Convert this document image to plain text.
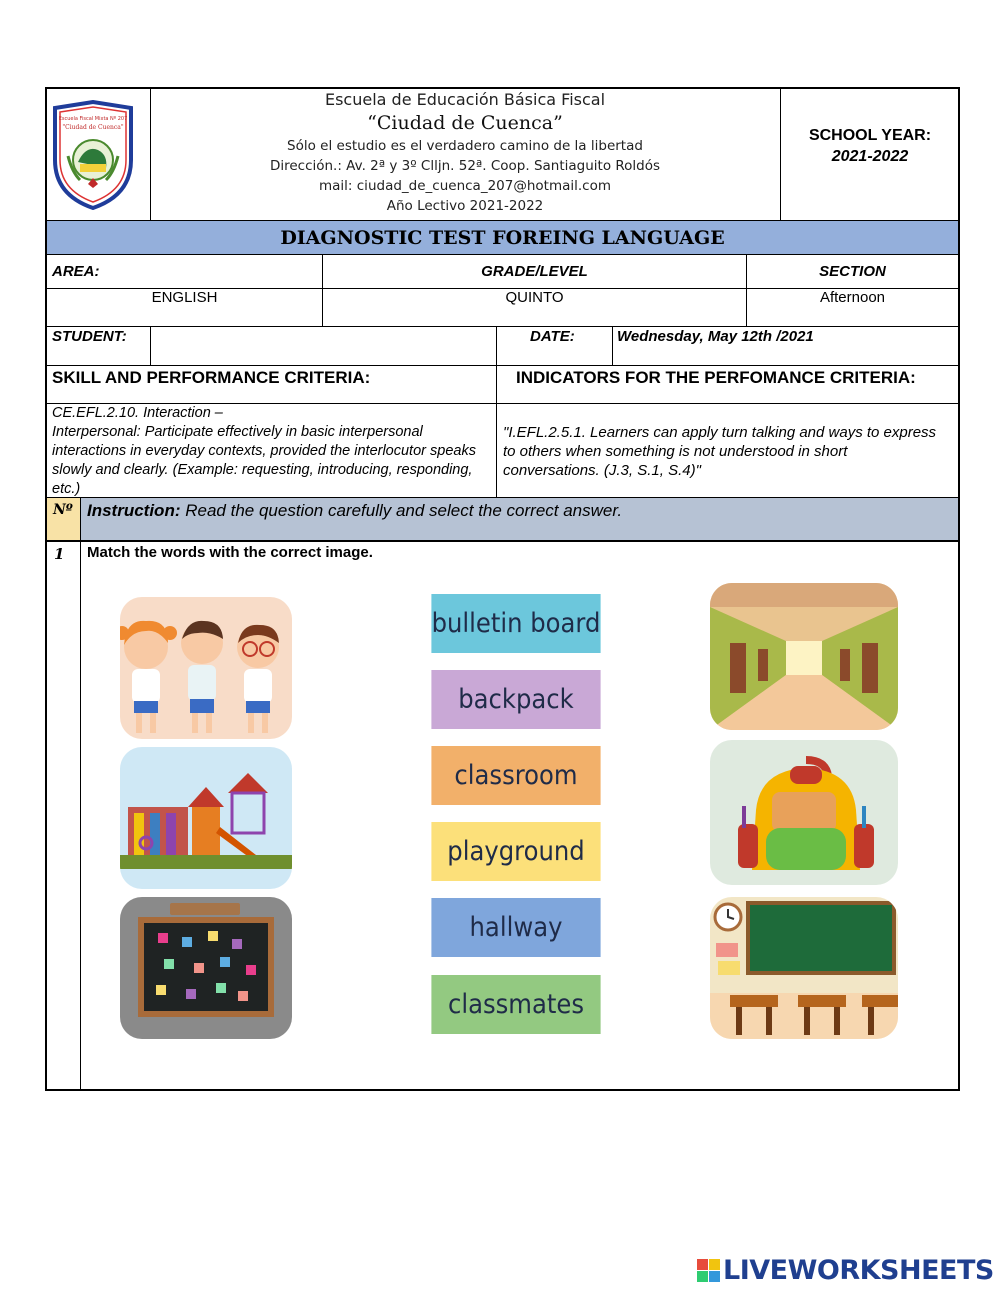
Escuela Fiscal Mixta Nº 207
"Ciudad de Cuenca"
Escuela de Educación Básica Fiscal
“Ciudad de Cuenca”
Sólo el estudio es el verdadero camino de la libertad
Dirección.: Av. 2ª y 3º Clljn. 52ª. Coop. Santiaguito Roldós
mail: ciudad_de_cuenca_207@hotmail.com
Año Lectivo 2021-2022
SCHOOL YEAR:
2021-2022
DIAGNOSTIC TEST FOREING LANGUAGE
AREA:	GRADE/LEVEL	SECTION
ENGLISH	QUINTO	Afternoon
STUDENT:	DATE:	Wednesday, May 12th /2021
SKILL AND PERFORMANCE CRITERIA:	INDICATORS FOR THE PERFOMANCE CRITERIA:
CE.EFL.2.10. Interaction –
Interpersonal: Participate effectively in basic interpersonal interactions in everyday contexts, provided the interlocutor speaks slowly and clearly. (Example: requesting, introducing, responding, etc.)
"I.EFL.2.5.1. Learners can apply turn talking and ways to express to others when something is not understood in short conversations. (J.3, S.1, S.4)"
Nº Instruction: Read the question carefully and select the correct answer.
1 Match the words with the correct image.
bulletin board
backpack
classroom
playground
hallway
classmates
LIVEWORKSHEETS
